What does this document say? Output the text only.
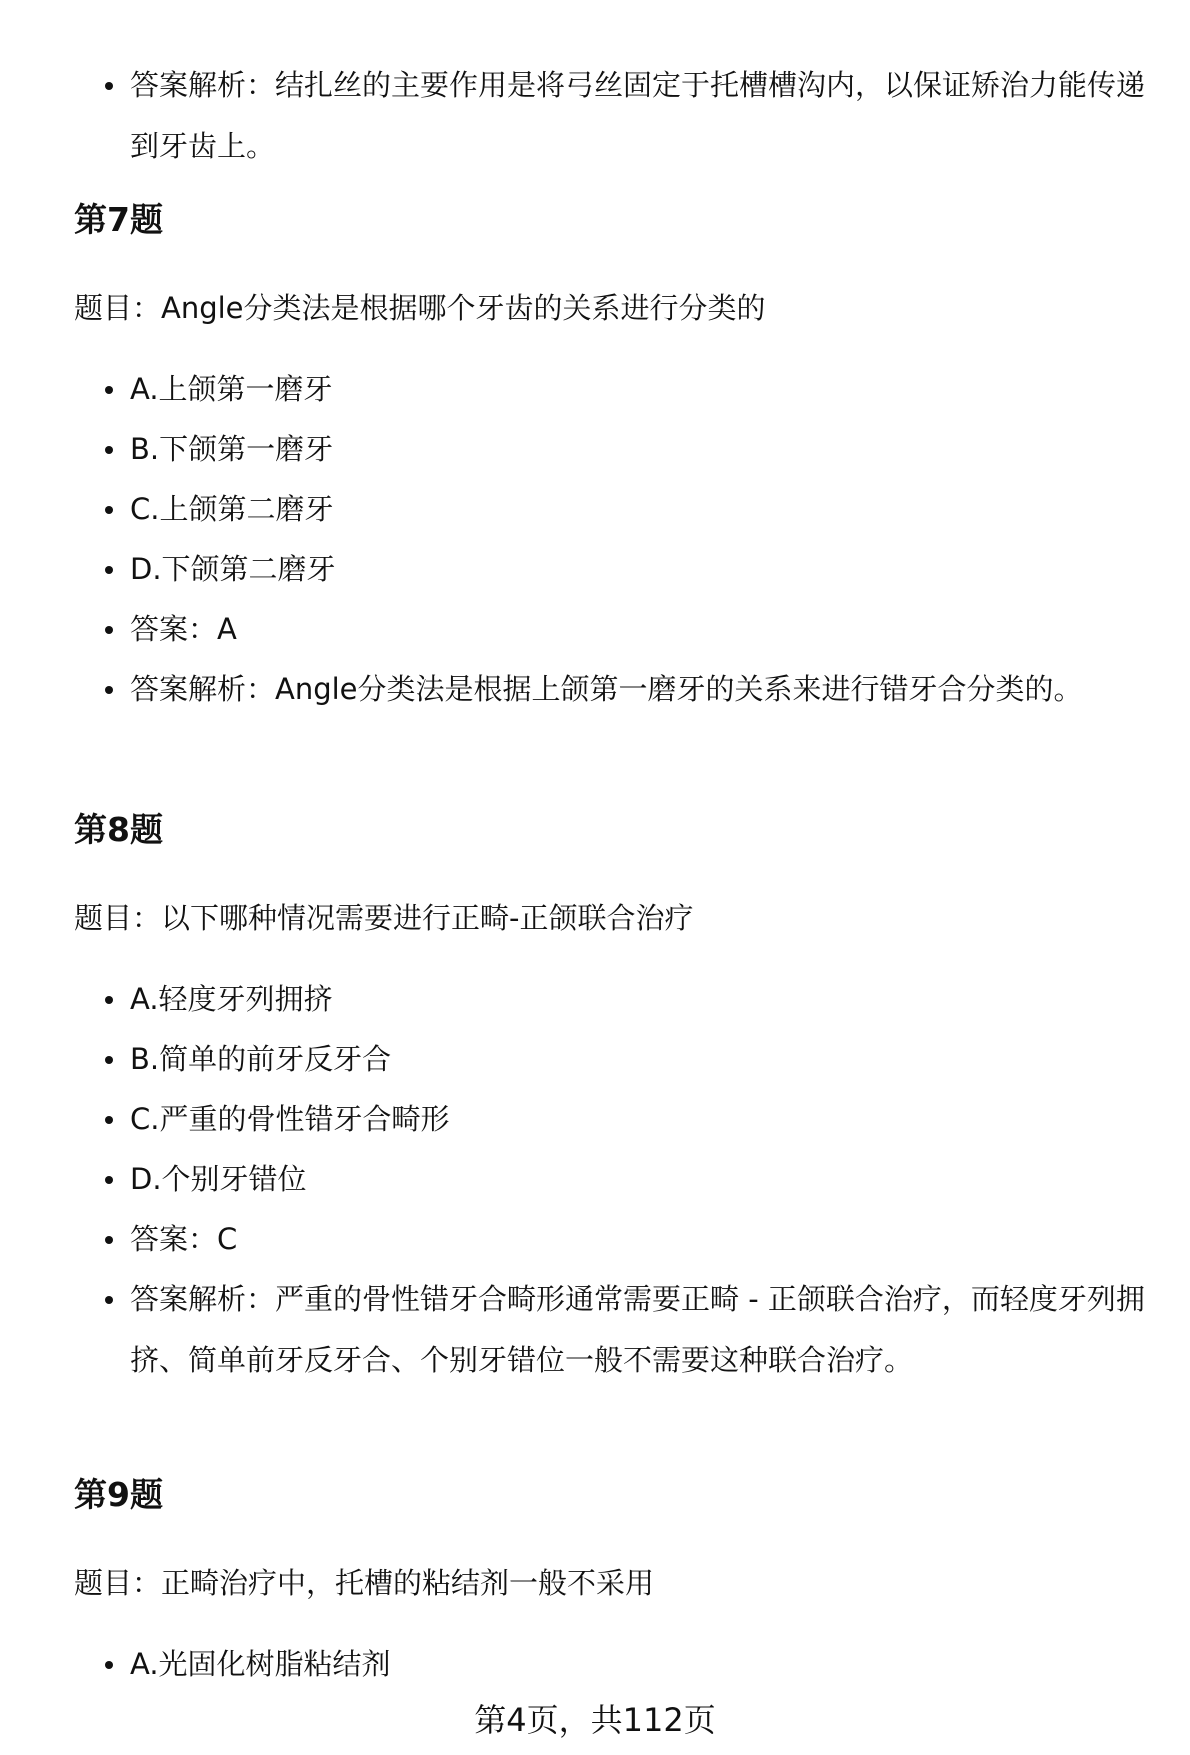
答案解析：结扎丝的主要作用是将弓丝固定于托槽槽沟内，以保证矫治力能传递到牙齿上。
第7题
题目：Angle分类法是根据哪个牙齿的关系进行分类的
A.上颌第一磨牙
B.下颌第一磨牙
C.上颌第二磨牙
D.下颌第二磨牙
答案：A
答案解析：Angle分类法是根据上颌第一磨牙的关系来进行错牙合分类的。
第8题
题目：以下哪种情况需要进行正畸-正颌联合治疗
A.轻度牙列拥挤
B.简单的前牙反牙合
C.严重的骨性错牙合畸形
D.个别牙错位
答案：C
答案解析：严重的骨性错牙合畸形通常需要正畸 - 正颌联合治疗，而轻度牙列拥挤、简单前牙反牙合、个别牙错位一般不需要这种联合治疗。
第9题
题目：正畸治疗中，托槽的粘结剂一般不采用
A.光固化树脂粘结剂
第4页，共112页
